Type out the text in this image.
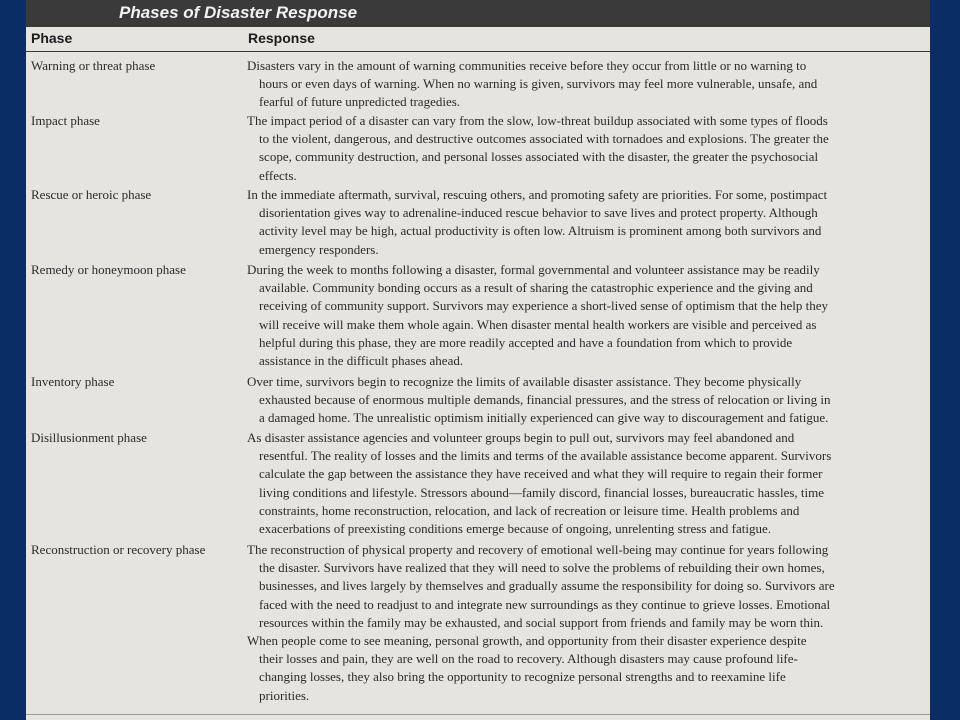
Phases of Disaster Response
Phase	Response
Warning or threat phase	Disasters vary in the amount of warning communities receive before they occur from little or no warning to
hours or even days of warning. When no warning is given, survivors may feel more vulnerable, unsafe, and
fearful of future unpredicted tragedies.
Impact phase	The impact period of a disaster can vary from the slow, low-threat buildup associated with some types of floods
to the violent, dangerous, and destructive outcomes associated with tornadoes and explosions. The greater the
scope, community destruction, and personal losses associated with the disaster, the greater the psychosocial
effects.
Rescue or heroic phase	In the immediate aftermath, survival, rescuing others, and promoting safety are priorities. For some, postimpact
disorientation gives way to adrenaline-induced rescue behavior to save lives and protect property. Although
activity level may be high, actual productivity is often low. Altruism is prominent among both survivors and
emergency responders.
Remedy or honeymoon phase	During the week to months following a disaster, formal governmental and volunteer assistance may be readily
available. Community bonding occurs as a result of sharing the catastrophic experience and the giving and
receiving of community support. Survivors may experience a short-lived sense of optimism that the help they
will receive will make them whole again. When disaster mental health workers are visible and perceived as
helpful during this phase, they are more readily accepted and have a foundation from which to provide
assistance in the difficult phases ahead.
Inventory phase	Over time, survivors begin to recognize the limits of available disaster assistance. They become physically
exhausted because of enormous multiple demands, financial pressures, and the stress of relocation or living in
a damaged home. The unrealistic optimism initially experienced can give way to discouragement and fatigue.
Disillusionment phase	As disaster assistance agencies and volunteer groups begin to pull out, survivors may feel abandoned and
resentful. The reality of losses and the limits and terms of the available assistance become apparent. Survivors
calculate the gap between the assistance they have received and what they will require to regain their former
living conditions and lifestyle. Stressors abound—family discord, financial losses, bureaucratic hassles, time
constraints, home reconstruction, relocation, and lack of recreation or leisure time. Health problems and
exacerbations of preexisting conditions emerge because of ongoing, unrelenting stress and fatigue.
Reconstruction or recovery phase	The reconstruction of physical property and recovery of emotional well-being may continue for years following
the disaster. Survivors have realized that they will need to solve the problems of rebuilding their own homes,
businesses, and lives largely by themselves and gradually assume the responsibility for doing so. Survivors are
faced with the need to readjust to and integrate new surroundings as they continue to grieve losses. Emotional
resources within the family may be exhausted, and social support from friends and family may be worn thin.
When people come to see meaning, personal growth, and opportunity from their disaster experience despite
their losses and pain, they are well on the road to recovery. Although disasters may cause profound life-
changing losses, they also bring the opportunity to recognize personal strengths and to reexamine life
priorities.
